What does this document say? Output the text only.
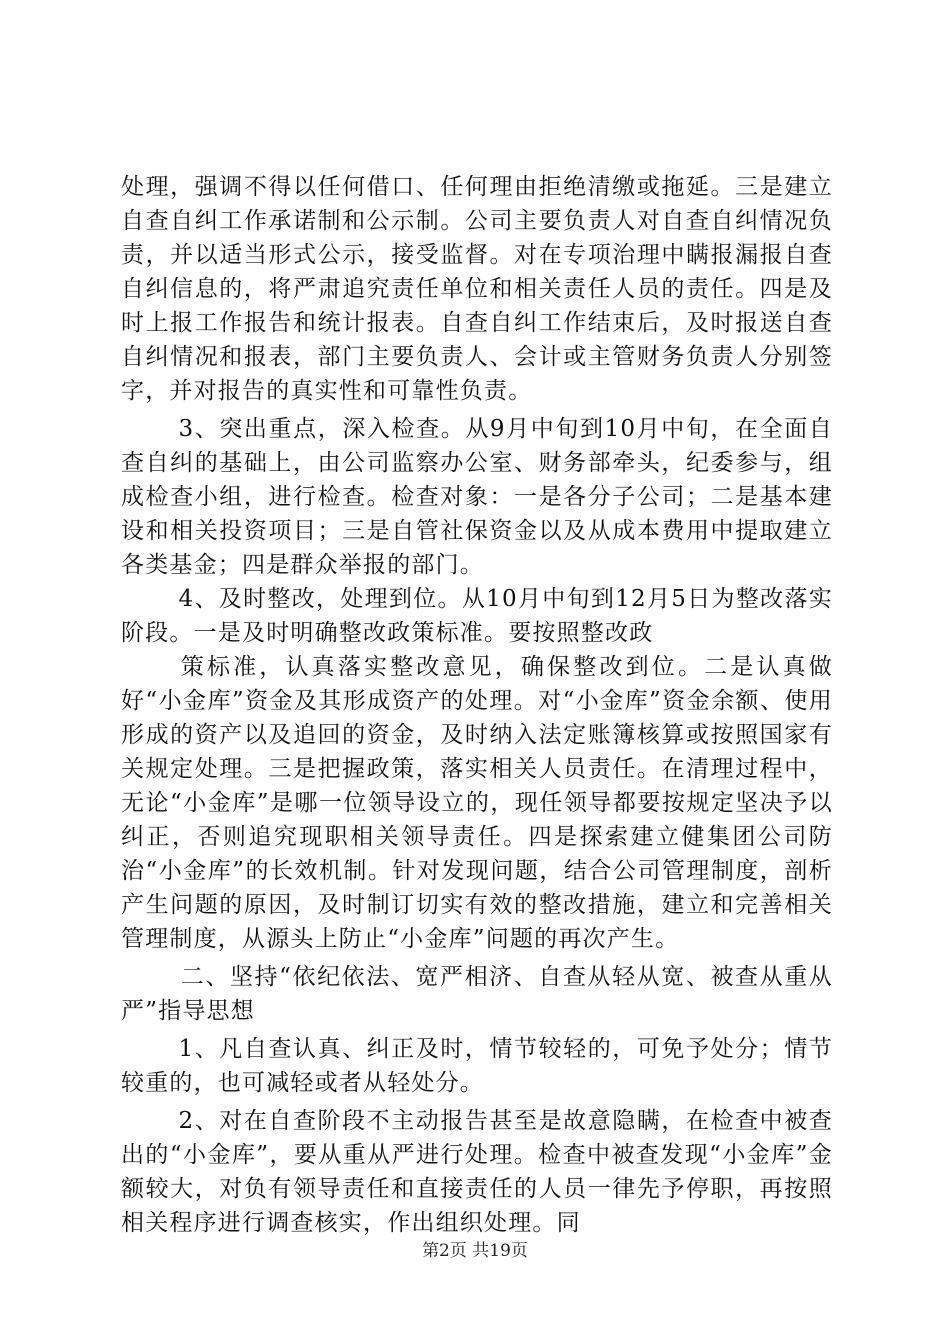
处理，强调不得以任何借口、任何理由拒绝清缴或拖延。三是建立自查自纠工作承诺制和公示制。公司主要负责人对自查自纠情况负责，并以适当形式公示，接受监督。对在专项治理中瞒报漏报自查自纠信息的，将严肃追究责任单位和相关责任人员的责任。四是及时上报工作报告和统计报表。自查自纠工作结束后，及时报送自查自纠情况和报表，部门主要负责人、会计或主管财务负责人分别签字，并对报告的真实性和可靠性负责。

3、突出重点，深入检查。从9月中旬到10月中旬，在全面自查自纠的基础上，由公司监察办公室、财务部牵头，纪委参与，组成检查小组，进行检查。检查对象：一是各分子公司；二是基本建设和相关投资项目；三是自管社保资金以及从成本费用中提取建立各类基金；四是群众举报的部门。

4、及时整改，处理到位。从10月中旬到12月5日为整改落实阶段。一是及时明确整改政策标准。要按照整改政

策标准，认真落实整改意见，确保整改到位。二是认真做好“小金库”资金及其形成资产的处理。对“小金库”资金余额、使用形成的资产以及追回的资金，及时纳入法定账簿核算或按照国家有关规定处理。三是把握政策，落实相关人员责任。在清理过程中，无论“小金库”是哪一位领导设立的，现任领导都要按规定坚决予以纠正，否则追究现职相关领导责任。四是探索建立健集团公司防治“小金库”的长效机制。针对发现问题，结合公司管理制度，剖析产生问题的原因，及时制订切实有效的整改措施，建立和完善相关管理制度，从源头上防止“小金库”问题的再次产生。

二、坚持“依纪依法、宽严相济、自查从轻从宽、被查从重从严”指导思想

1、凡自查认真、纠正及时，情节较轻的，可免予处分；情节较重的，也可减轻或者从轻处分。

2、对在自查阶段不主动报告甚至是故意隐瞒，在检查中被查出的“小金库”，要从重从严进行处理。检查中被查发现“小金库”金额较大，对负有领导责任和直接责任的人员一律先予停职，再按照相关程序进行调查核实，作出组织处理。同

第2页 共19页
